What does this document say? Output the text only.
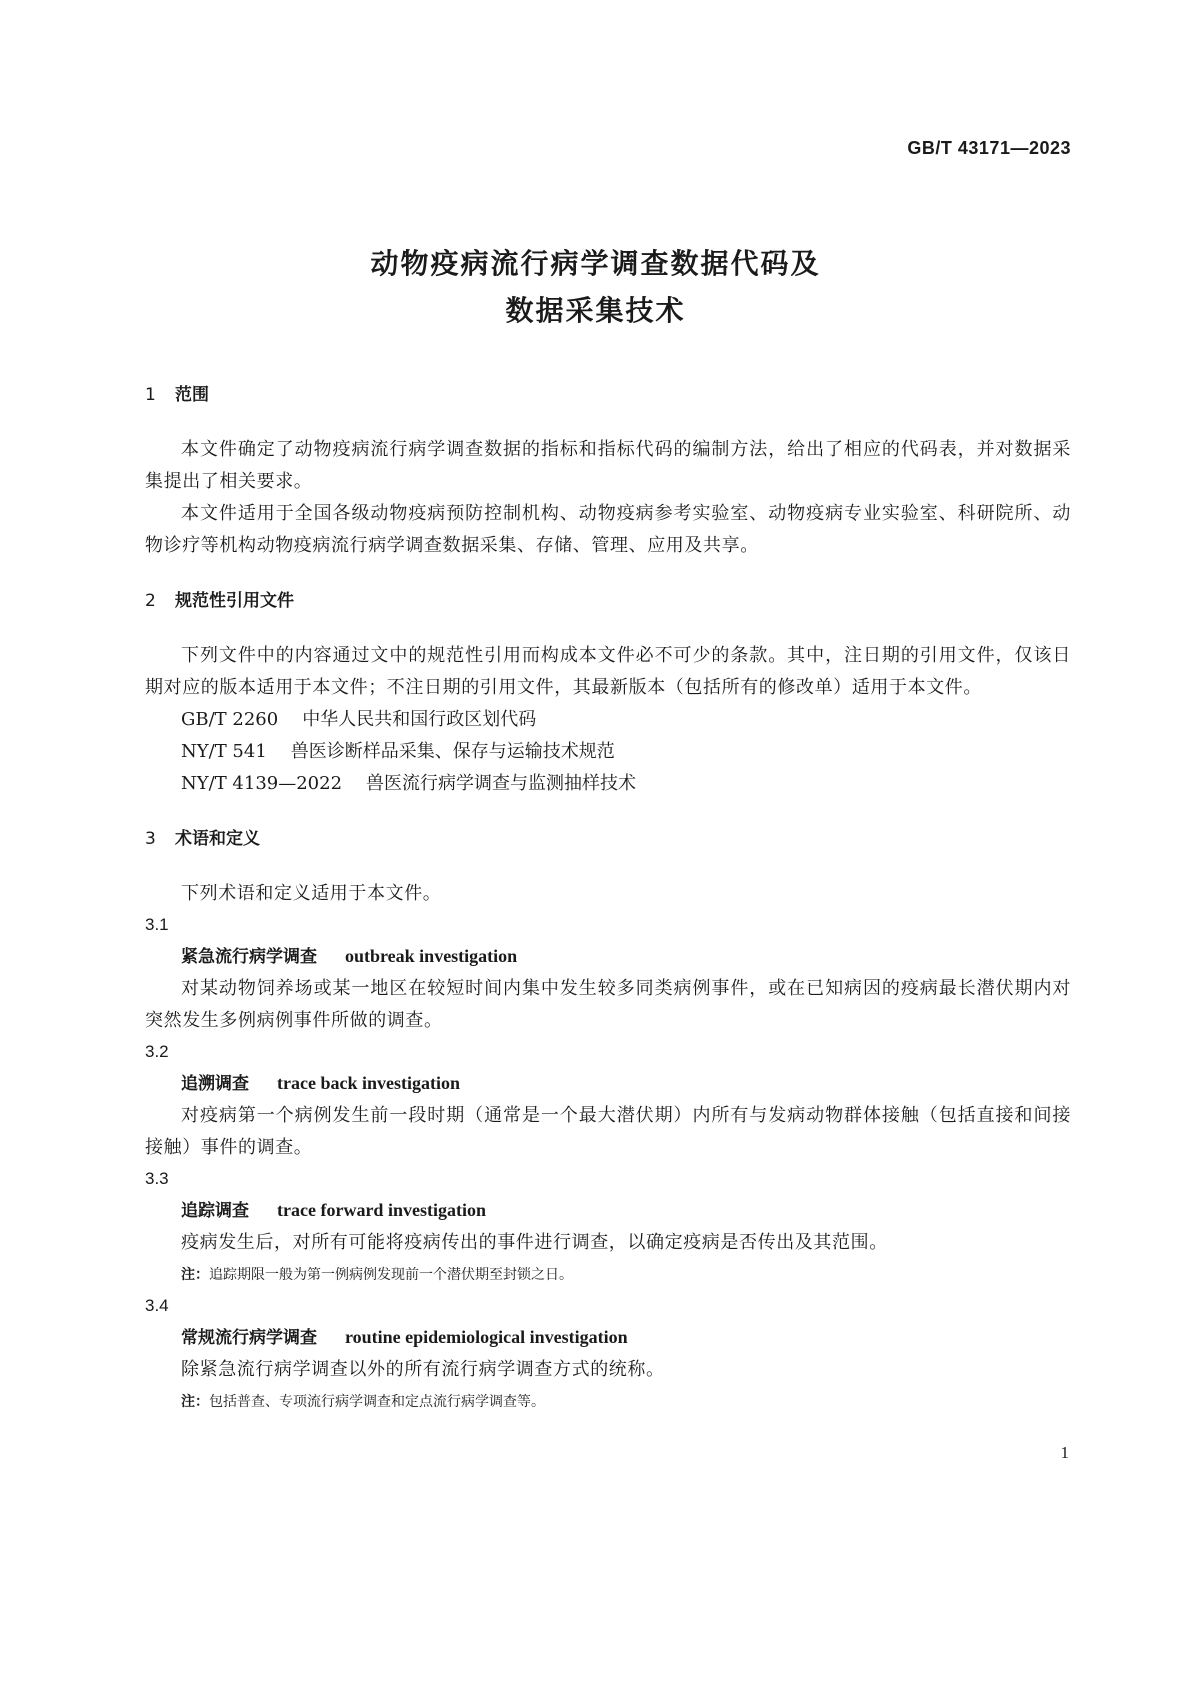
GB/T 43171—2023
动物疫病流行病学调查数据代码及
数据采集技术
1 范围

本文件确定了动物疫病流行病学调查数据的指标和指标代码的编制方法，给出了相应的代码表，并对数据采集提出了相关要求。

本文件适用于全国各级动物疫病预防控制机构、动物疫病参考实验室、动物疫病专业实验室、科研院所、动物诊疗等机构动物疫病流行病学调查数据采集、存储、管理、应用及共享。

2 规范性引用文件

下列文件中的内容通过文中的规范性引用而构成本文件必不可少的条款。其中，注日期的引用文件，仅该日期对应的版本适用于本文件；不注日期的引用文件，其最新版本（包括所有的修改单）适用于本文件。

GB/T 2260 中华人民共和国行政区划代码
NY/T 541 兽医诊断样品采集、保存与运输技术规范
NY/T 4139—2022 兽医流行病学调查与监测抽样技术
3 术语和定义

下列术语和定义适用于本文件。

3.1
紧急流行病学调查 outbreak investigation

对某动物饲养场或某一地区在较短时间内集中发生较多同类病例事件，或在已知病因的疫病最长潜伏期内对突然发生多例病例事件所做的调查。

3.2
追溯调查 trace back investigation

对疫病第一个病例发生前一段时期（通常是一个最大潜伏期）内所有与发病动物群体接触（包括直接和间接接触）事件的调查。

3.3
追踪调查 trace forward investigation

疫病发生后，对所有可能将疫病传出的事件进行调查，以确定疫病是否传出及其范围。

注：追踪期限一般为第一例病例发现前一个潜伏期至封锁之日。
3.4
常规流行病学调查 routine epidemiological investigation

除紧急流行病学调查以外的所有流行病学调查方式的统称。

注：包括普查、专项流行病学调查和定点流行病学调查等。
1
